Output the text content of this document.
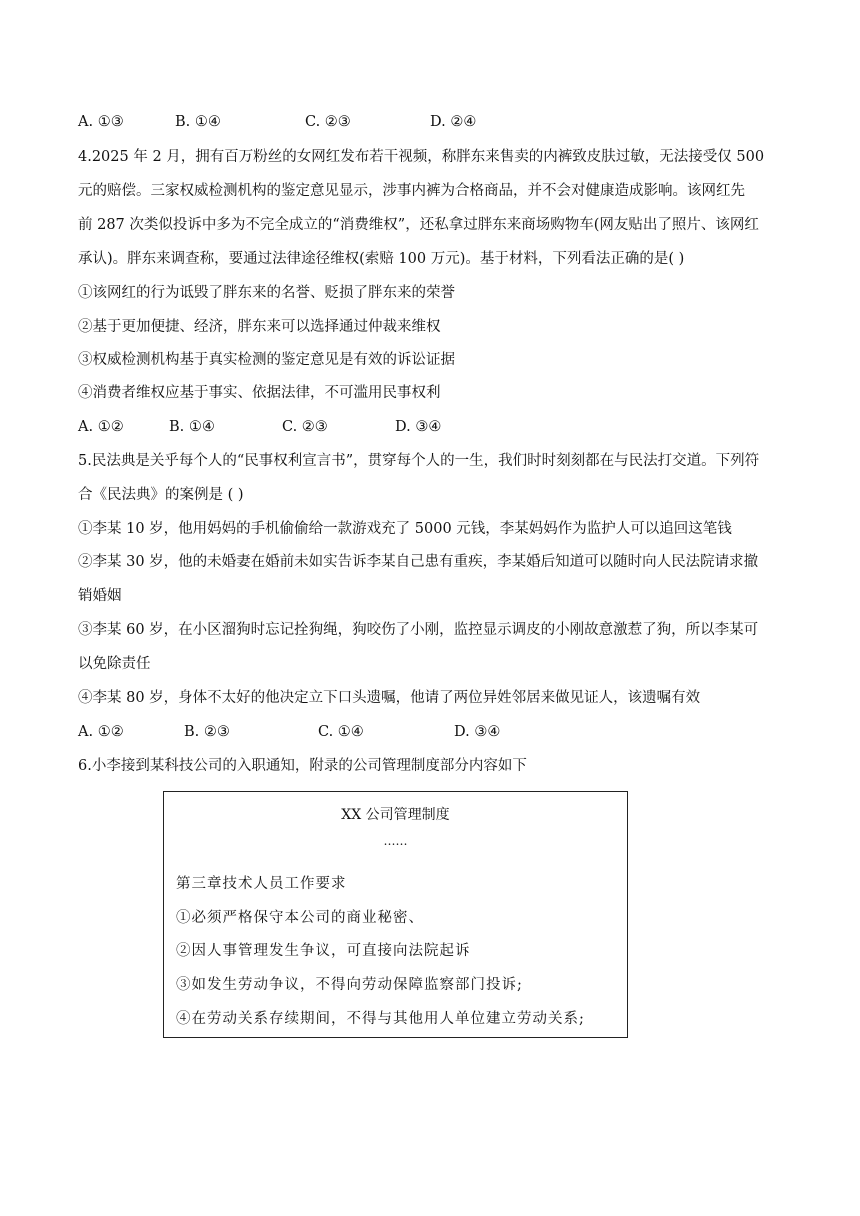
A. ①③	B. ①④	C. ②③	D. ②④
4.2025 年 2 月，拥有百万粉丝的女网红发布若干视频，称胖东来售卖的内裤致皮肤过敏，无法接受仅 500
元的赔偿。三家权威检测机构的鉴定意见显示，涉事内裤为合格商品，并不会对健康造成影响。该网红先
前 287 次类似投诉中多为不完全成立的“消费维权”，还私拿过胖东来商场购物车(网友贴出了照片、该网红
承认)。胖东来调查称，要通过法律途径维权(索赔 100 万元)。基于材料，下列看法正确的是( )
①该网红的行为诋毁了胖东来的名誉、贬损了胖东来的荣誉
②基于更加便捷、经济，胖东来可以选择通过仲裁来维权
③权威检测机构基于真实检测的鉴定意见是有效的诉讼证据
④消费者维权应基于事实、依据法律，不可滥用民事权利
A. ①②	B. ①④	C. ②③	D. ③④
5.民法典是关乎每个人的“民事权利宣言书”，贯穿每个人的一生，我们时时刻刻都在与民法打交道。下列符
合《民法典》的案例是 ( )
①李某 10 岁，他用妈妈的手机偷偷给一款游戏充了 5000 元钱，李某妈妈作为监护人可以追回这笔钱
②李某 30 岁，他的未婚妻在婚前未如实告诉李某自己患有重疾，李某婚后知道可以随时向人民法院请求撤
销婚姻
③李某 60 岁，在小区溜狗时忘记拴狗绳，狗咬伤了小刚，监控显示调皮的小刚故意激惹了狗，所以李某可
以免除责任
④李某 80 岁，身体不太好的他决定立下口头遗嘱，他请了两位异姓邻居来做见证人，该遗嘱有效
A. ①②	B. ②③	C. ①④	D. ③④
6.小李接到某科技公司的入职通知，附录的公司管理制度部分内容如下
XX 公司管理制度
……
第三章技术人员工作要求
①必须严格保守本公司的商业秘密、
②因人事管理发生争议，可直接向法院起诉
③如发生劳动争议，不得向劳动保障监察部门投诉;
④在劳动关系存续期间，不得与其他用人单位建立劳动关系;
